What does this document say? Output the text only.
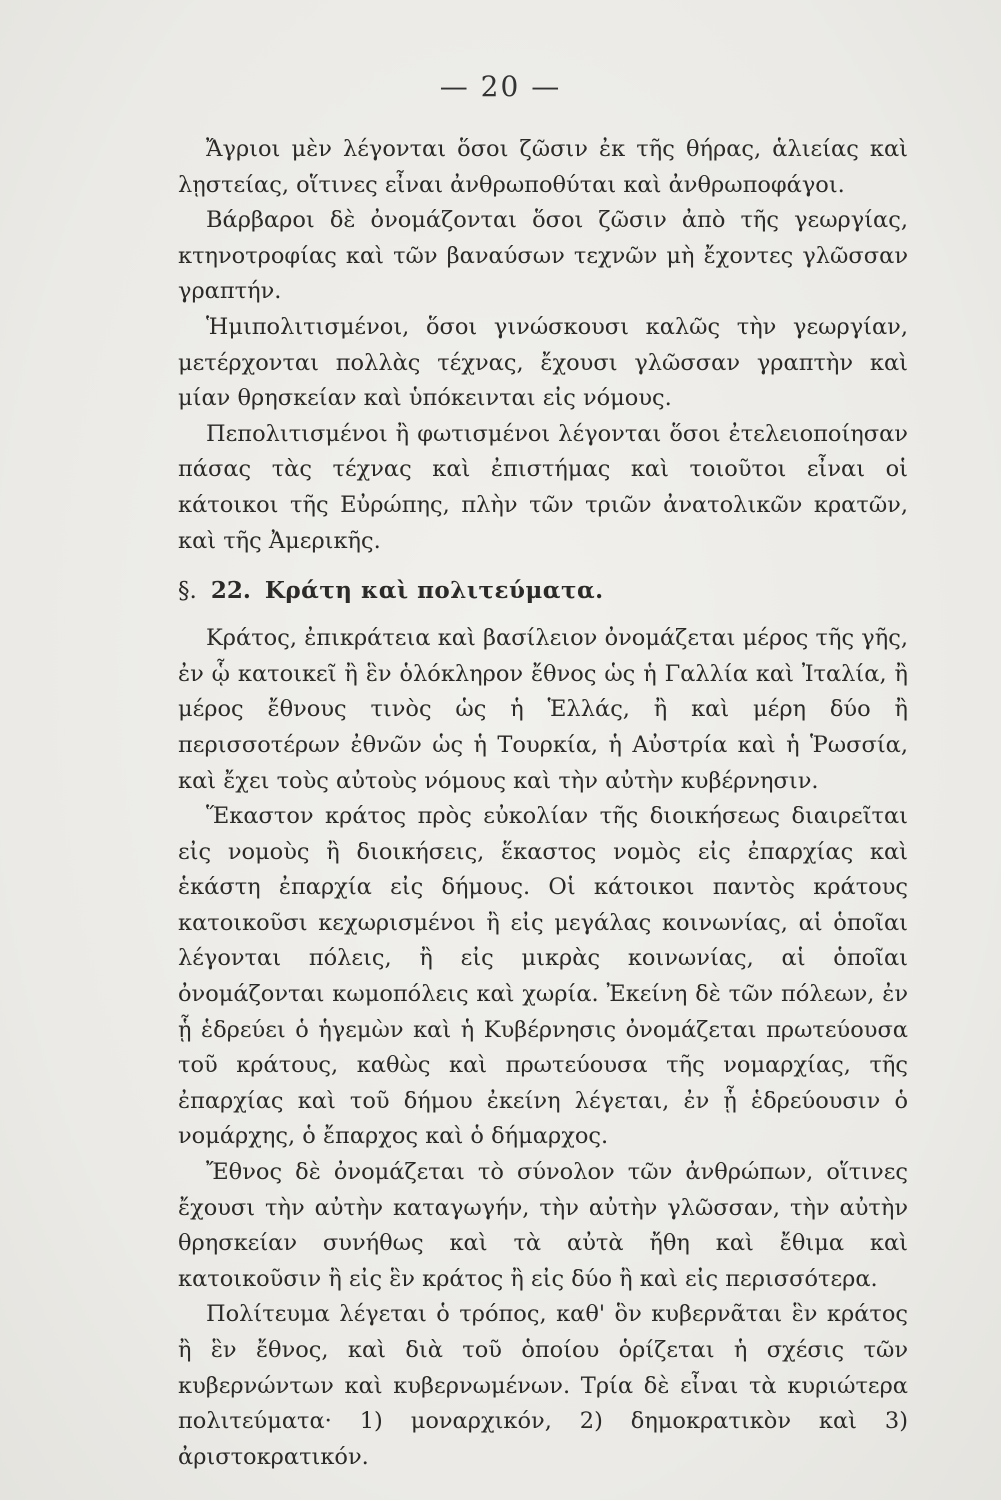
— 20 —

Ἄγριοι μὲν λέγονται ὅσοι ζῶσιν ἐκ τῆς θήρας, ἁλιείας καὶ λῃστείας, οἵτινες εἶναι ἀνθρωποθύται καὶ ἀνθρωποφάγοι.

Βάρβαροι δὲ ὀνομάζονται ὅσοι ζῶσιν ἀπὸ τῆς γεωργίας, κτηνοτροφίας καὶ τῶν βαναύσων τεχνῶν μὴ ἔχοντες γλῶσσαν γραπτήν.

Ἡμιπολιτισμένοι, ὅσοι γινώσκουσι καλῶς τὴν γεωργίαν, μετέρχονται πολλὰς τέχνας, ἔχουσι γλῶσσαν γραπτὴν καὶ μίαν θρησκείαν καὶ ὑπόκεινται εἰς νόμους.

Πεπολιτισμένοι ἢ φωτισμένοι λέγονται ὅσοι ἐτελειοποίησαν πάσας τὰς τέχνας καὶ ἐπιστήμας καὶ τοιοῦτοι εἶναι οἱ κάτοικοι τῆς Εὐρώπης, πλὴν τῶν τριῶν ἀνατολικῶν κρατῶν, καὶ τῆς Ἀμερικῆς.

§. 22. Κράτη καὶ πολιτεύματα.

Κράτος, ἐπικράτεια καὶ βασίλειον ὀνομάζεται μέρος τῆς γῆς, ἐν ᾧ κατοικεῖ ἢ ἓν ὁλόκληρον ἔθνος ὡς ἡ Γαλλία καὶ Ἰταλία, ἢ μέρος ἔθνους τινὸς ὡς ἡ Ἑλλάς, ἢ καὶ μέρη δύο ἢ περισσοτέρων ἐθνῶν ὡς ἡ Τουρκία, ἡ Αὐστρία καὶ ἡ Ῥωσσία, καὶ ἔχει τοὺς αὐτοὺς νόμους καὶ τὴν αὐτὴν κυβέρνησιν.

Ἕκαστον κράτος πρὸς εὐκολίαν τῆς διοικήσεως διαιρεῖται εἰς νομοὺς ἢ διοικήσεις, ἕκαστος νομὸς εἰς ἐπαρχίας καὶ ἑκάστη ἐπαρχία εἰς δήμους. Οἱ κάτοικοι παντὸς κράτους κατοικοῦσι κεχωρισμένοι ἢ εἰς μεγάλας κοινωνίας, αἱ ὁποῖαι λέγονται πόλεις, ἢ εἰς μικρὰς κοινωνίας, αἱ ὁποῖαι ὀνομάζονται κωμοπόλεις καὶ χωρία. Ἐκείνη δὲ τῶν πόλεων, ἐν ᾗ ἑδρεύει ὁ ἡγεμὼν καὶ ἡ Κυβέρνησις ὀνομάζεται πρωτεύουσα τοῦ κράτους, καθὼς καὶ πρωτεύουσα τῆς νομαρχίας, τῆς ἐπαρχίας καὶ τοῦ δήμου ἐκείνη λέγεται, ἐν ᾗ ἑδρεύουσιν ὁ νομάρχης, ὁ ἔπαρχος καὶ ὁ δήμαρχος.

Ἔθνος δὲ ὀνομάζεται τὸ σύνολον τῶν ἀνθρώπων, οἵτινες ἔχουσι τὴν αὐτὴν καταγωγήν, τὴν αὐτὴν γλῶσσαν, τὴν αὐτὴν θρησκείαν συνήθως καὶ τὰ αὐτὰ ἤθη καὶ ἔθιμα καὶ κατοικοῦσιν ἢ εἰς ἓν κράτος ἢ εἰς δύο ἢ καὶ εἰς περισσότερα.

Πολίτευμα λέγεται ὁ τρόπος, καθ' ὃν κυβερνᾶται ἓν κράτος ἢ ἓν ἔθνος, καὶ διὰ τοῦ ὁποίου ὁρίζεται ἡ σχέσις τῶν κυβερνώντων καὶ κυβερνωμένων. Τρία δὲ εἶναι τὰ κυριώτερα πολιτεύματα· 1) μοναρχικόν, 2) δημοκρατικὸν καὶ 3) ἀριστοκρατικόν.
